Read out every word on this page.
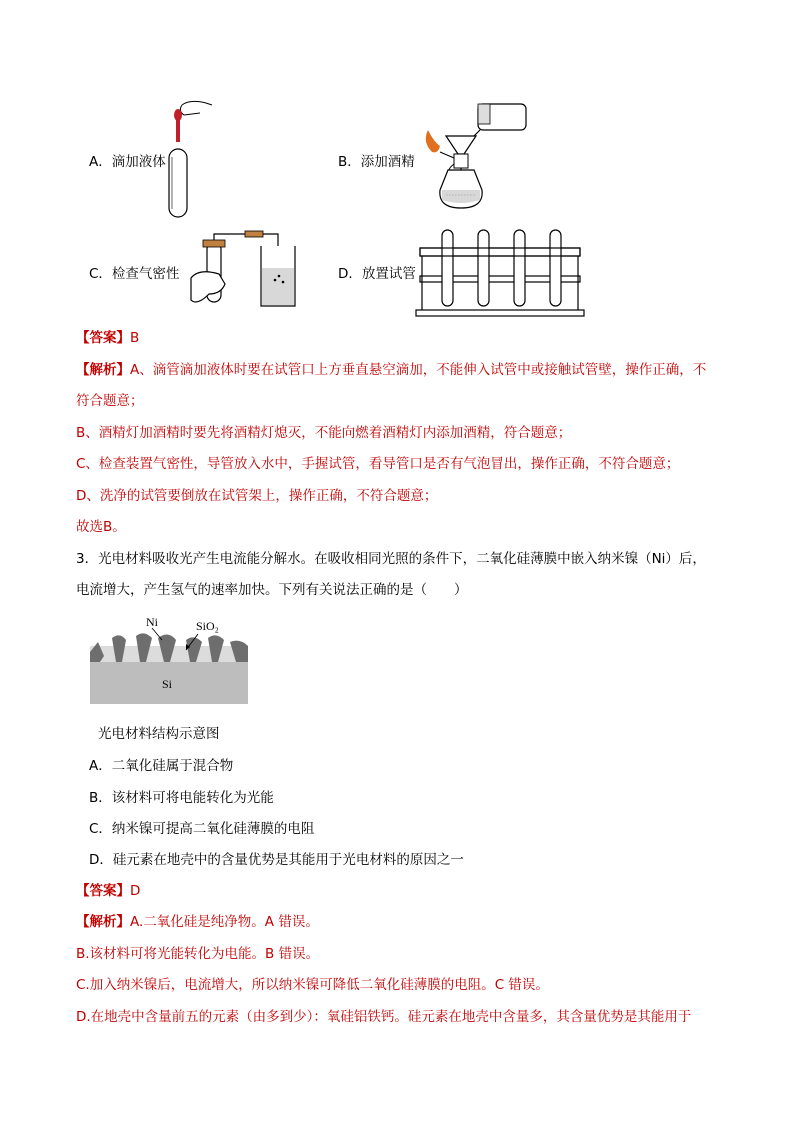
A．滴加液体	B．添加酒精
C．检查气密性	D．放置试管
【答案】B
【解析】A、滴管滴加液体时要在试管口上方垂直悬空滴加，不能伸入试管中或接触试管壁，操作正确，不
符合题意；
B、酒精灯加酒精时要先将酒精灯熄灭，不能向燃着酒精灯内添加酒精，符合题意；
C、检查装置气密性，导管放入水中，手握试管，看导管口是否有气泡冒出，操作正确，不符合题意；
D、洗净的试管要倒放在试管架上，操作正确，不符合题意；
故选B。
3．光电材料吸收光产生电流能分解水。在吸收相同光照的条件下，二氧化硅薄膜中嵌入纳米镍（Ni）后，
电流增大，产生氢气的速率加快。下列有关说法正确的是（　　）
Ni	SiO₂
Si
光电材料结构示意图
A．二氧化硅属于混合物
B．该材料可将电能转化为光能
C．纳米镍可提高二氧化硅薄膜的电阻
D．硅元素在地壳中的含量优势是其能用于光电材料的原因之一
【答案】D
【解析】A.二氧化硅是纯净物。A 错误。
B.该材料可将光能转化为电能。B 错误。
C.加入纳米镍后，电流增大，所以纳米镍可降低二氧化硅薄膜的电阻。C 错误。
D.在地壳中含量前五的元素（由多到少）：氧硅铝铁钙。硅元素在地壳中含量多，其含量优势是其能用于
